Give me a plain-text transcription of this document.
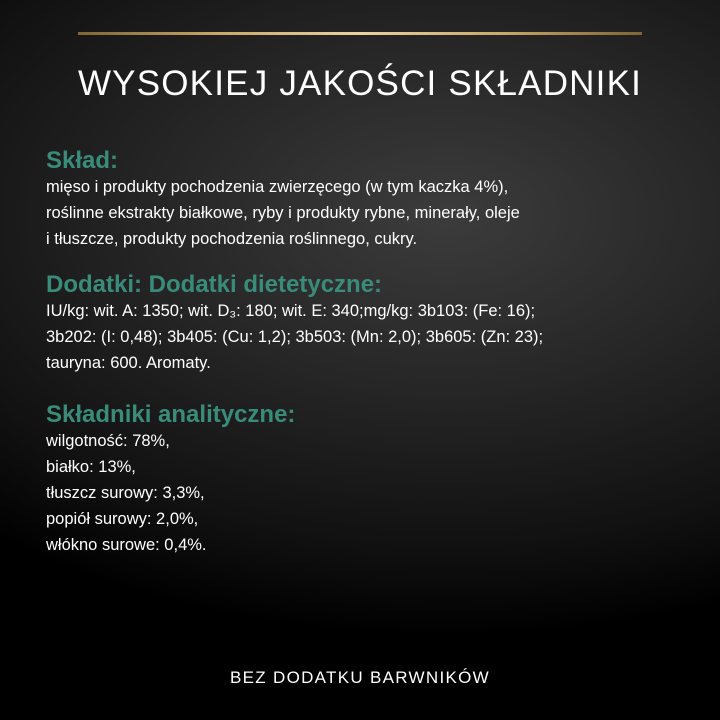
WYSOKIEJ JAKOŚCI SKŁADNIKI
Skład:

mięso i produkty pochodzenia zwierzęcego (w tym kaczka 4%),
roślinne ekstrakty białkowe, ryby i produkty rybne, minerały, oleje
i tłuszcze, produkty pochodzenia roślinnego, cukry.

Dodatki: Dodatki dietetyczne:

IU/kg: wit. A: 1350; wit. D₃: 180; wit. E: 340;mg/kg: 3b103: (Fe: 16);
3b202: (I: 0,48); 3b405: (Cu: 1,2); 3b503: (Mn: 2,0); 3b605: (Zn: 23);
tauryna: 600. Aromaty.

Składniki analityczne:

wilgotność: 78%,
białko: 13%,
tłuszcz surowy: 3,3%,
popiół surowy: 2,0%,
włókno surowe: 0,4%.

BEZ DODATKU BARWNIKÓW
